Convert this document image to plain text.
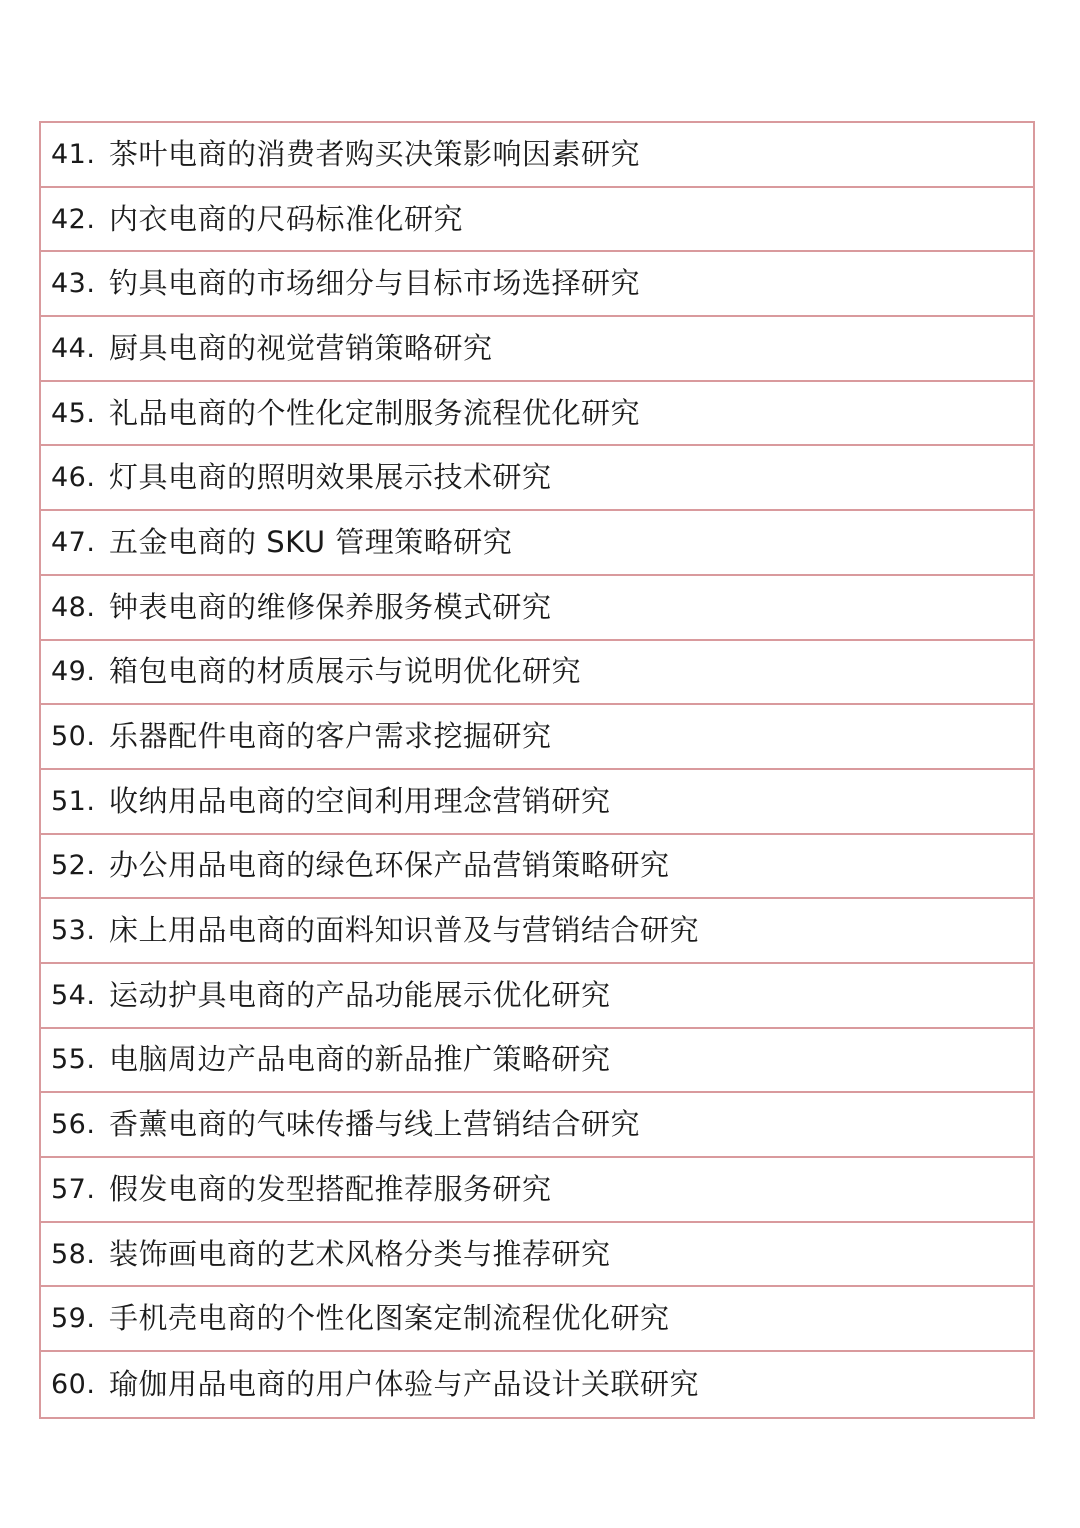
41. 茶叶电商的消费者购买决策影响因素研究
42. 内衣电商的尺码标准化研究
43. 钓具电商的市场细分与目标市场选择研究
44. 厨具电商的视觉营销策略研究
45. 礼品电商的个性化定制服务流程优化研究
46. 灯具电商的照明效果展示技术研究
47. 五金电商的 SKU 管理策略研究
48. 钟表电商的维修保养服务模式研究
49. 箱包电商的材质展示与说明优化研究
50. 乐器配件电商的客户需求挖掘研究
51. 收纳用品电商的空间利用理念营销研究
52. 办公用品电商的绿色环保产品营销策略研究
53. 床上用品电商的面料知识普及与营销结合研究
54. 运动护具电商的产品功能展示优化研究
55. 电脑周边产品电商的新品推广策略研究
56. 香薰电商的气味传播与线上营销结合研究
57. 假发电商的发型搭配推荐服务研究
58. 装饰画电商的艺术风格分类与推荐研究
59. 手机壳电商的个性化图案定制流程优化研究
60. 瑜伽用品电商的用户体验与产品设计关联研究
